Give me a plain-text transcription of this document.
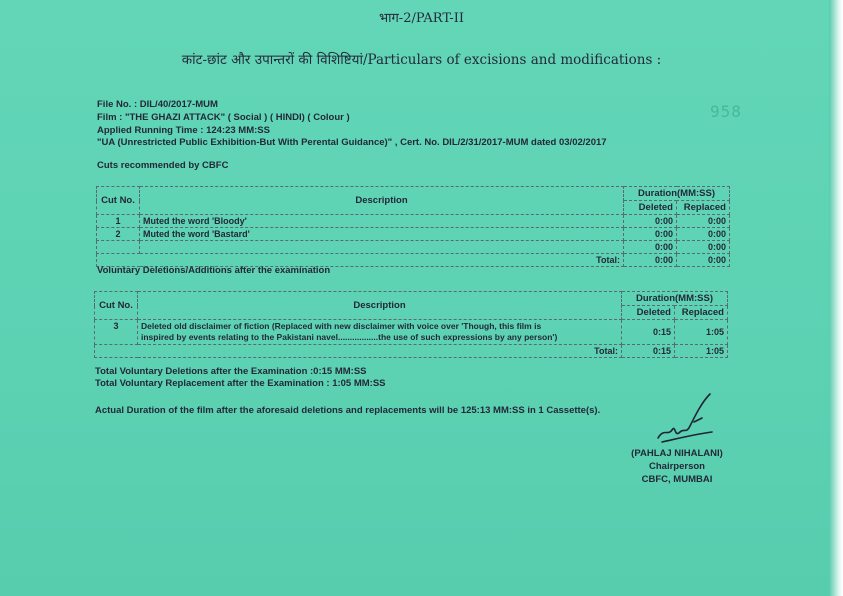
भाग-2/PART-II
कांट-छांट और उपान्तरों की विशिष्टियां/Particulars of excisions and modifications :
File No. : DIL/40/2017-MUM
Film : "THE GHAZI ATTACK" ( Social ) ( HINDI) ( Colour )
Applied Running Time : 124:23 MM:SS
"UA (Unrestricted Public Exhibition-But With Perental Guidance)" , Cert. No. DIL/2/31/2017-MUM dated 03/02/2017
958
Cuts recommended by CBFC
Cut No.	Description	Duration(MM:SS)	
		Deleted	Replaced
1	Muted the word 'Bloody'	0:00	0:00
2	Muted the word 'Bastard'	0:00	0:00
		0:00	0:00
Total:		0:00	0:00
Voluntary Deletions/Additions after the examination
Cut No.	Description	Duration(MM:SS)	
		Deleted	Replaced
3	Deleted old disclaimer of fiction (Replaced with new disclaimer with voice over 'Though, this film is
inspired by events relating to the Pakistani navel.................the use of such expressions by any person')	0:15	1:05
Total:		0:15	1:05
Total Voluntary Deletions after the Examination :0:15 MM:SS
Total Voluntary Replacement after the Examination : 1:05 MM:SS
Actual Duration of the film after the aforesaid deletions and replacements will be 125:13 MM:SS in 1 Cassette(s).
(PAHLAJ NIHALANI)
Chairperson
CBFC, MUMBAI
